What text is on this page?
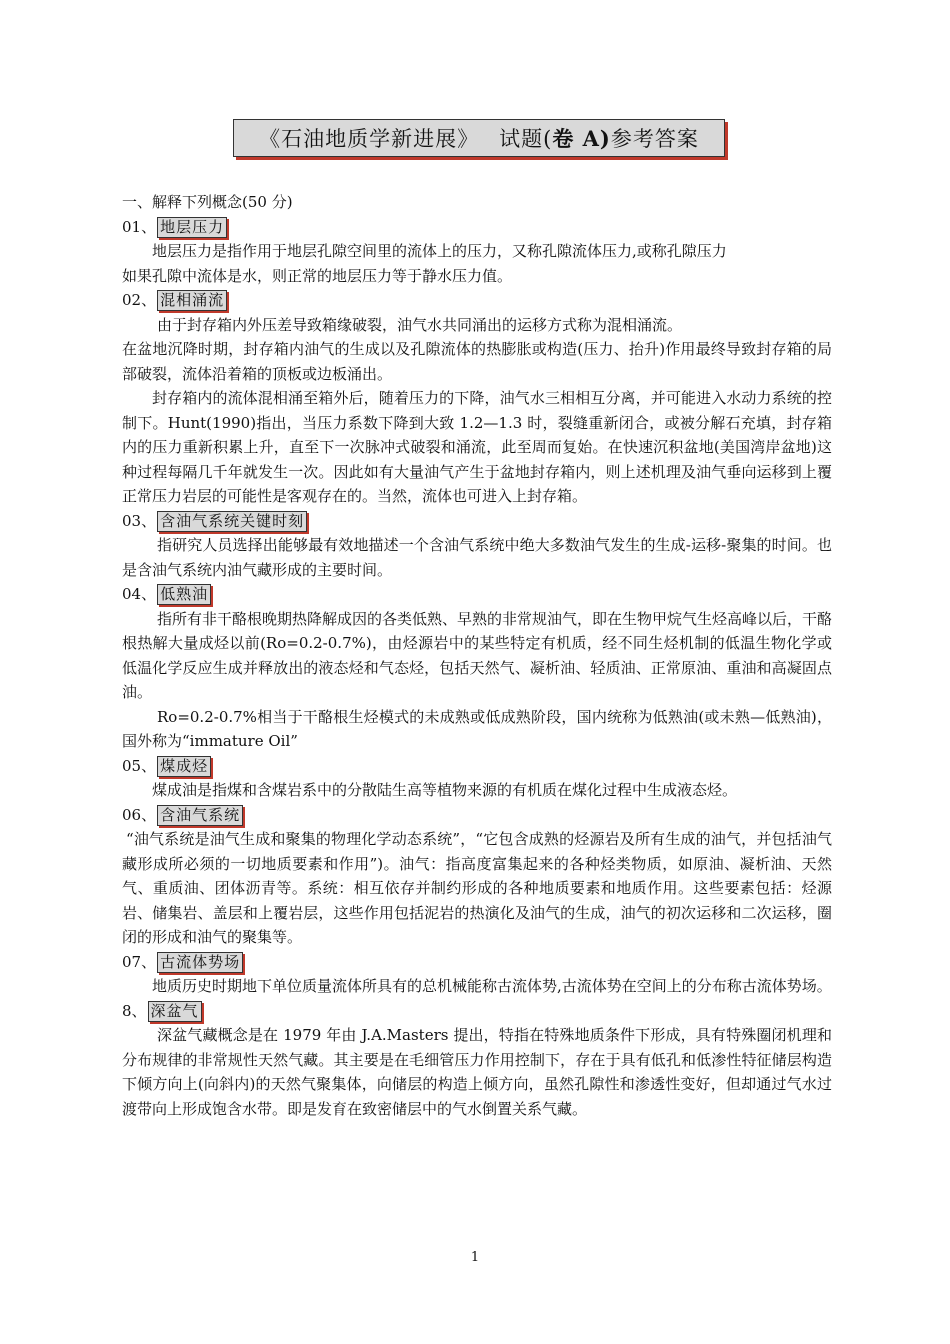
《石油地质学新进展》 试题( 卷 A) 参考答案
一、解释下列概念(50 分)
01、 地层压力
地层压力是指作用于地层孔隙空间里的流体上的压力，又称孔隙流体压力,或称孔隙压力
如果孔隙中流体是水，则正常的地层压力等于静水压力值。
02、 混相涌流
由于封存箱内外压差导致箱缘破裂，油气水共同涌出的运移方式称为混相涌流。
在盆地沉降时期，封存箱内油气的生成以及孔隙流体的热膨胀或构造(压力、抬升)作用最终导致封存箱的局部破裂，流体沿着箱的顶板或边板涌出。
封存箱内的流体混相涌至箱外后，随着压力的下降，油气水三相相互分离，并可能进入水动力系统的控制下。Hunt(1990)指出，当压力系数下降到大致 1.2—1.3 时，裂缝重新闭合，或被分解石充填，封存箱内的压力重新积累上升，直至下一次脉冲式破裂和涌流，此至周而复始。在快速沉积盆地(美国湾岸盆地)这种过程每隔几千年就发生一次。因此如有大量油气产生于盆地封存箱内，则上述机理及油气垂向运移到上覆正常压力岩层的可能性是客观存在的。当然，流体也可进入上封存箱。
03、 含油气系统关键时刻
指研究人员选择出能够最有效地描述一个含油气系统中绝大多数油气发生的生成-运移-聚集的时间。也是含油气系统内油气藏形成的主要时间。
04、 低熟油
指所有非干酪根晚期热降解成因的各类低熟、早熟的非常规油气，即在生物甲烷气生烃高峰以后，干酪根热解大量成烃以前(Ro=0.2-0.7%)，由烃源岩中的某些特定有机质，经不同生烃机制的低温生物化学或低温化学反应生成并释放出的液态烃和气态烃，包括天然气、凝析油、轻质油、正常原油、重油和高凝固点油。
Ro=0.2-0.7%相当于干酪根生烃模式的未成熟或低成熟阶段，国内统称为低熟油(或未熟—低熟油)，国外称为“immature Oil”
05、 煤成烃
煤成油是指煤和含煤岩系中的分散陆生高等植物来源的有机质在煤化过程中生成液态烃。
06、 含油气系统
“油气系统是油气生成和聚集的物理化学动态系统”，“它包含成熟的烃源岩及所有生成的油气，并包括油气藏形成所必须的一切地质要素和作用”)。油气：指高度富集起来的各种烃类物质，如原油、凝析油、天然气、重质油、团体沥青等。系统：相互依存并制约形成的各种地质要素和地质作用。这些要素包括：烃源岩、储集岩、盖层和上覆岩层，这些作用包括泥岩的热演化及油气的生成，油气的初次运移和二次运移，圈闭的形成和油气的聚集等。
07、 古流体势场
地质历史时期地下单位质量流体所具有的总机械能称古流体势,古流体势在空间上的分布称古流体势场。
8、 深盆气
深盆气藏概念是在 1979 年由 J.A.Masters 提出，特指在特殊地质条件下形成，具有特殊圈闭机理和分布规律的非常规性天然气藏。其主要是在毛细管压力作用控制下，存在于具有低孔和低渗性特征储层构造下倾方向上(向斜内)的天然气聚集体，向储层的构造上倾方向，虽然孔隙性和渗透性变好，但却通过气水过渡带向上形成饱含水带。即是发育在致密储层中的气水倒置关系气藏。
1
